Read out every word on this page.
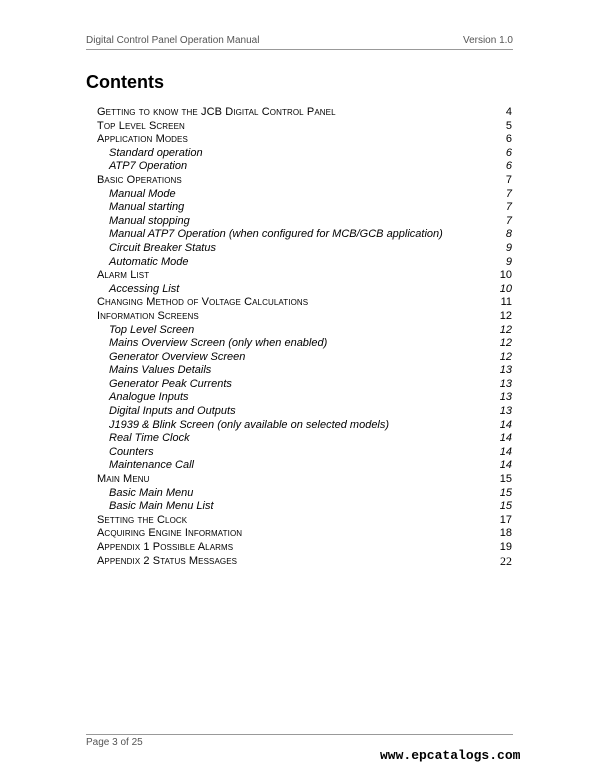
Digital Control Panel Operation Manual	Version 1.0
Contents
Getting to know the JCB Digital Control Panel	4
Top Level Screen	5
Application Modes	6
Standard operation	6
ATP7 Operation	6
Basic Operations	7
Manual Mode	7
Manual starting	7
Manual stopping	7
Manual ATP7 Operation (when configured for MCB/GCB application)	8
Circuit Breaker Status	9
Automatic Mode	9
Alarm List	10
Accessing List	10
Changing Method of Voltage Calculations	11
Information Screens	12
Top Level Screen	12
Mains Overview Screen (only when enabled)	12
Generator Overview Screen	12
Mains Values Details	13
Generator Peak Currents	13
Analogue Inputs	13
Digital Inputs and Outputs	13
J1939 & Blink Screen (only available on selected models)	14
Real Time Clock	14
Counters	14
Maintenance Call	14
Main Menu	15
Basic Main Menu	15
Basic Main Menu List	15
Setting the Clock	17
Acquiring Engine Information	18
Appendix 1 Possible Alarms	19
Appendix 2 Status Messages	22
Page 3 of 25
www.epcatalogs.com
